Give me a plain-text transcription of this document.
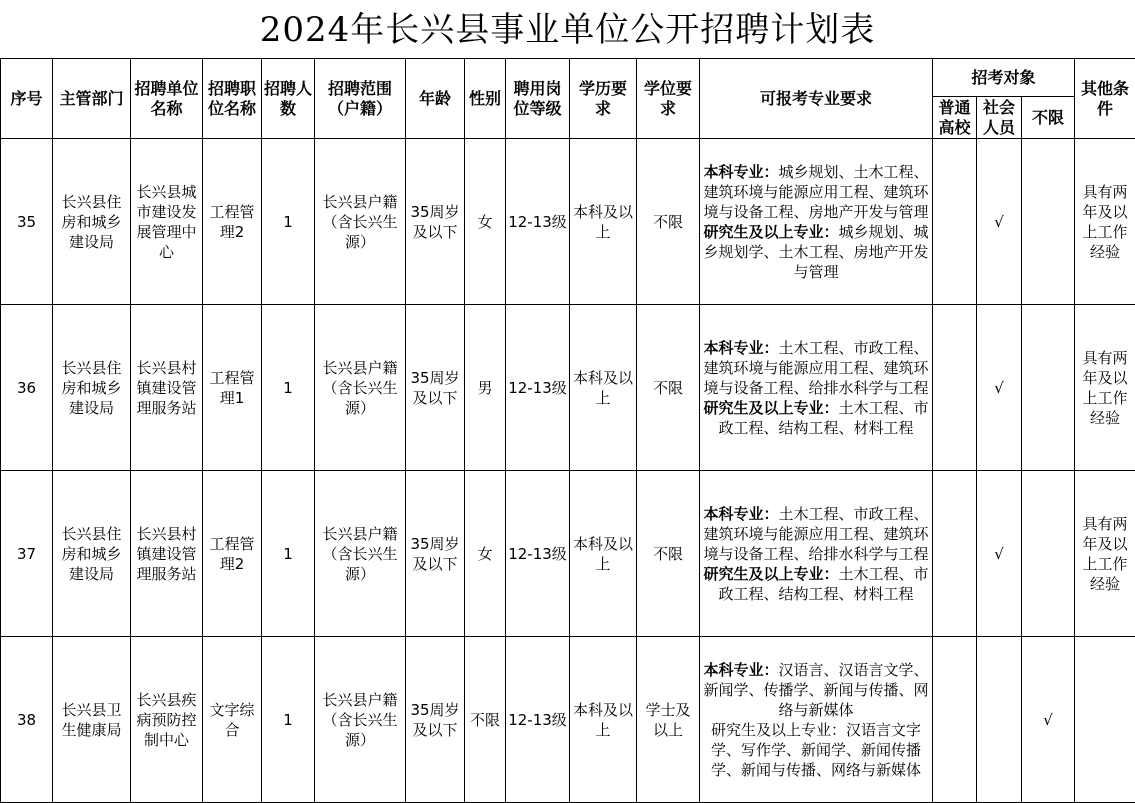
2024年长兴县事业单位公开招聘计划表
序号	主管部门	招聘单位名称	招聘职位名称	招聘人数	招聘范围（户籍）	年龄	性别	聘用岗位等级	学历要求	学位要求	可报考专业要求	招考对象			其他条件
												普通高校	社会人员	不限	
35	长兴县住房和城乡建设局	长兴县城市建设发展管理中心	工程管理2	1	长兴县户籍（含长兴生源）	35周岁及以下	女	12-13级	本科及以上	不限	本科专业：城乡规划、土木工程、建筑环境与能源应用工程、建筑环境与设备工程、房地产开发与管理
研究生及以上专业：城乡规划、城乡规划学、土木工程、房地产开发与管理		√		具有两年及以上工作经验
36	长兴县住房和城乡建设局	长兴县村镇建设管理服务站	工程管理1	1	长兴县户籍（含长兴生源）	35周岁及以下	男	12-13级	本科及以上	不限	本科专业：土木工程、市政工程、建筑环境与能源应用工程、建筑环境与设备工程、给排水科学与工程
研究生及以上专业：土木工程、市政工程、结构工程、材料工程		√		具有两年及以上工作经验
37	长兴县住房和城乡建设局	长兴县村镇建设管理服务站	工程管理2	1	长兴县户籍（含长兴生源）	35周岁及以下	女	12-13级	本科及以上	不限	本科专业：土木工程、市政工程、建筑环境与能源应用工程、建筑环境与设备工程、给排水科学与工程
研究生及以上专业：土木工程、市政工程、结构工程、材料工程		√		具有两年及以上工作经验
38	长兴县卫生健康局	长兴县疾病预防控制中心	文字综合	1	长兴县户籍（含长兴生源）	35周岁及以下	不限	12-13级	本科及以上	学士及以上	本科专业：汉语言、汉语言文学、新闻学、传播学、新闻与传播、网络与新媒体
研究生及以上专业：汉语言文字学、写作学、新闻学、新闻传播学、新闻与传播、网络与新媒体			√	
